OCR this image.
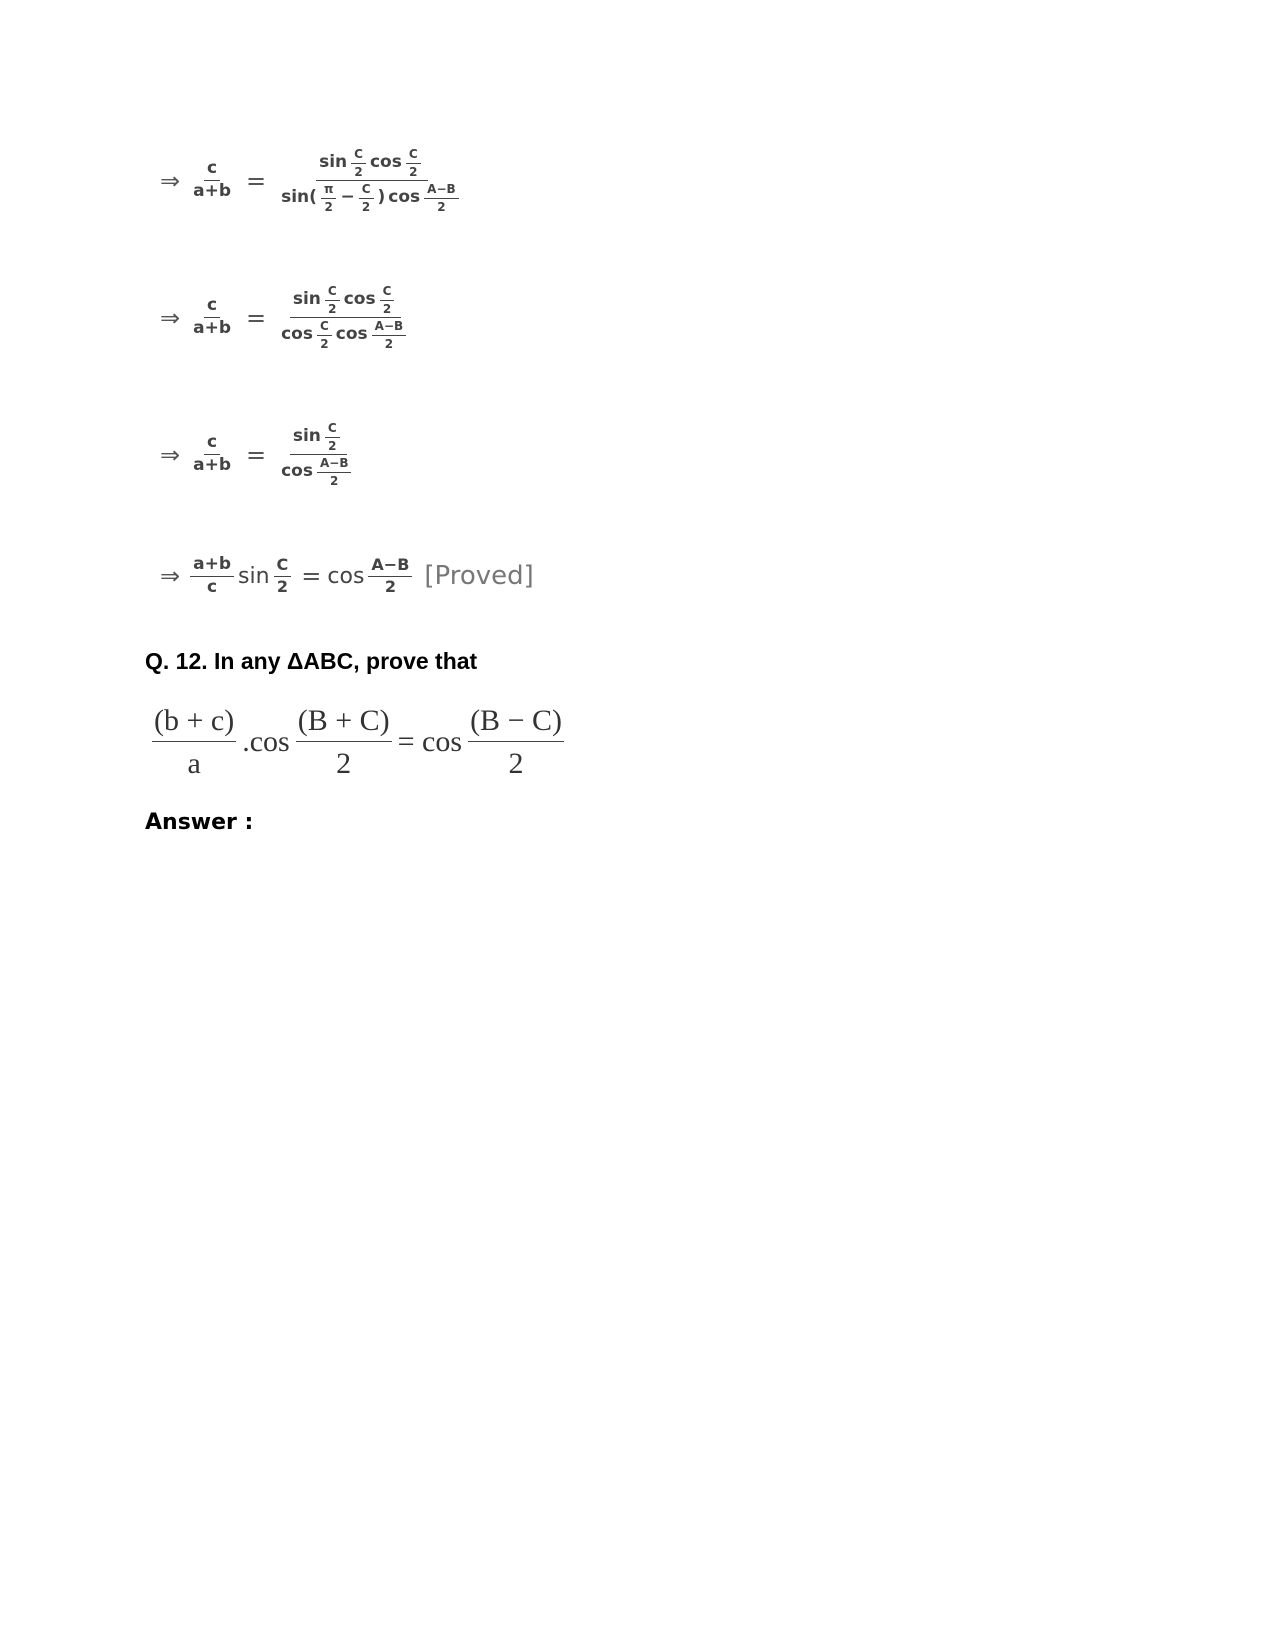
⇒ $\frac{c}{a+b}$ =
$\sin \frac{C}{2}$ $\cos \frac{C}{2}$
sin ( $\frac{\pi}{2} - \frac{C}{2}$ ) $\cos \frac{A-B}{2}$
⇒ $\frac{c}{a+b}$ =
$\sin \frac{C}{2}$ $\cos \frac{C}{2}$
$\cos \frac{C}{2}$ $\cos \frac{A-B}{2}$
⇒ $\frac{c}{a+b} = \frac{\sin \frac{C}{2}}{\cos \frac{A-B}{2}}$
⇒ $\frac{a+b}{c}$ $\sin \frac{C}{2} = \cos \frac{A-B}{2}$ [Proved]
Q. 12. In any ΔABC, prove that
$\frac{(b + c)}{a} .\cos \frac{(B + C)}{2} = \cos \frac{(B - C)}{2}$
Answer :
